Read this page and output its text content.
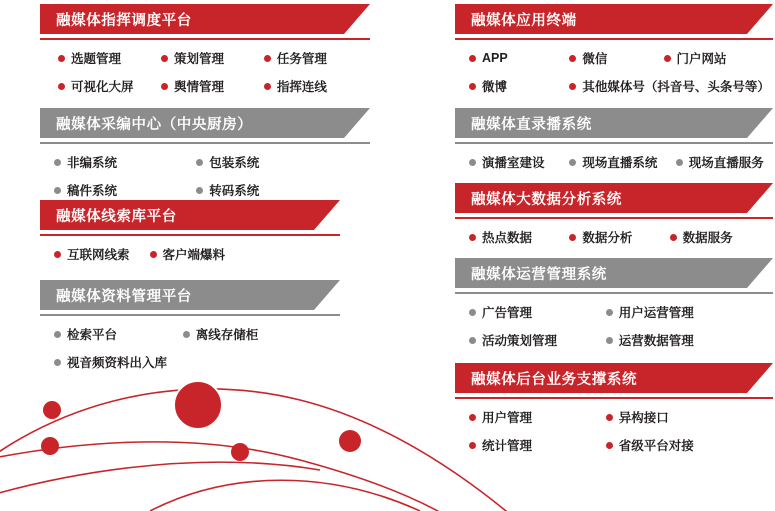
融媒体指挥调度平台
选题管理	策划管理	任务管理
可视化大屏	舆情管理	指挥连线
融媒体采编中心（中央厨房）
非编系统	包装系统
稿件系统	转码系统
融媒体线索库平台
互联网线索	客户端爆料
融媒体资料管理平台
检索平台	离线存储柜
视音频资料出入库
融媒体应用终端
APP	微信	门户网站
微博	其他媒体号（抖音号、头条号等）
融媒体直录播系统
演播室建设	现场直播系统	现场直播服务
融媒体大数据分析系统
热点数据	数据分析	数据服务
融媒体运营管理系统
广告管理	用户运营管理
活动策划管理	运营数据管理
融媒体后台业务支撑系统
用户管理	异构接口
统计管理	省级平台对接
